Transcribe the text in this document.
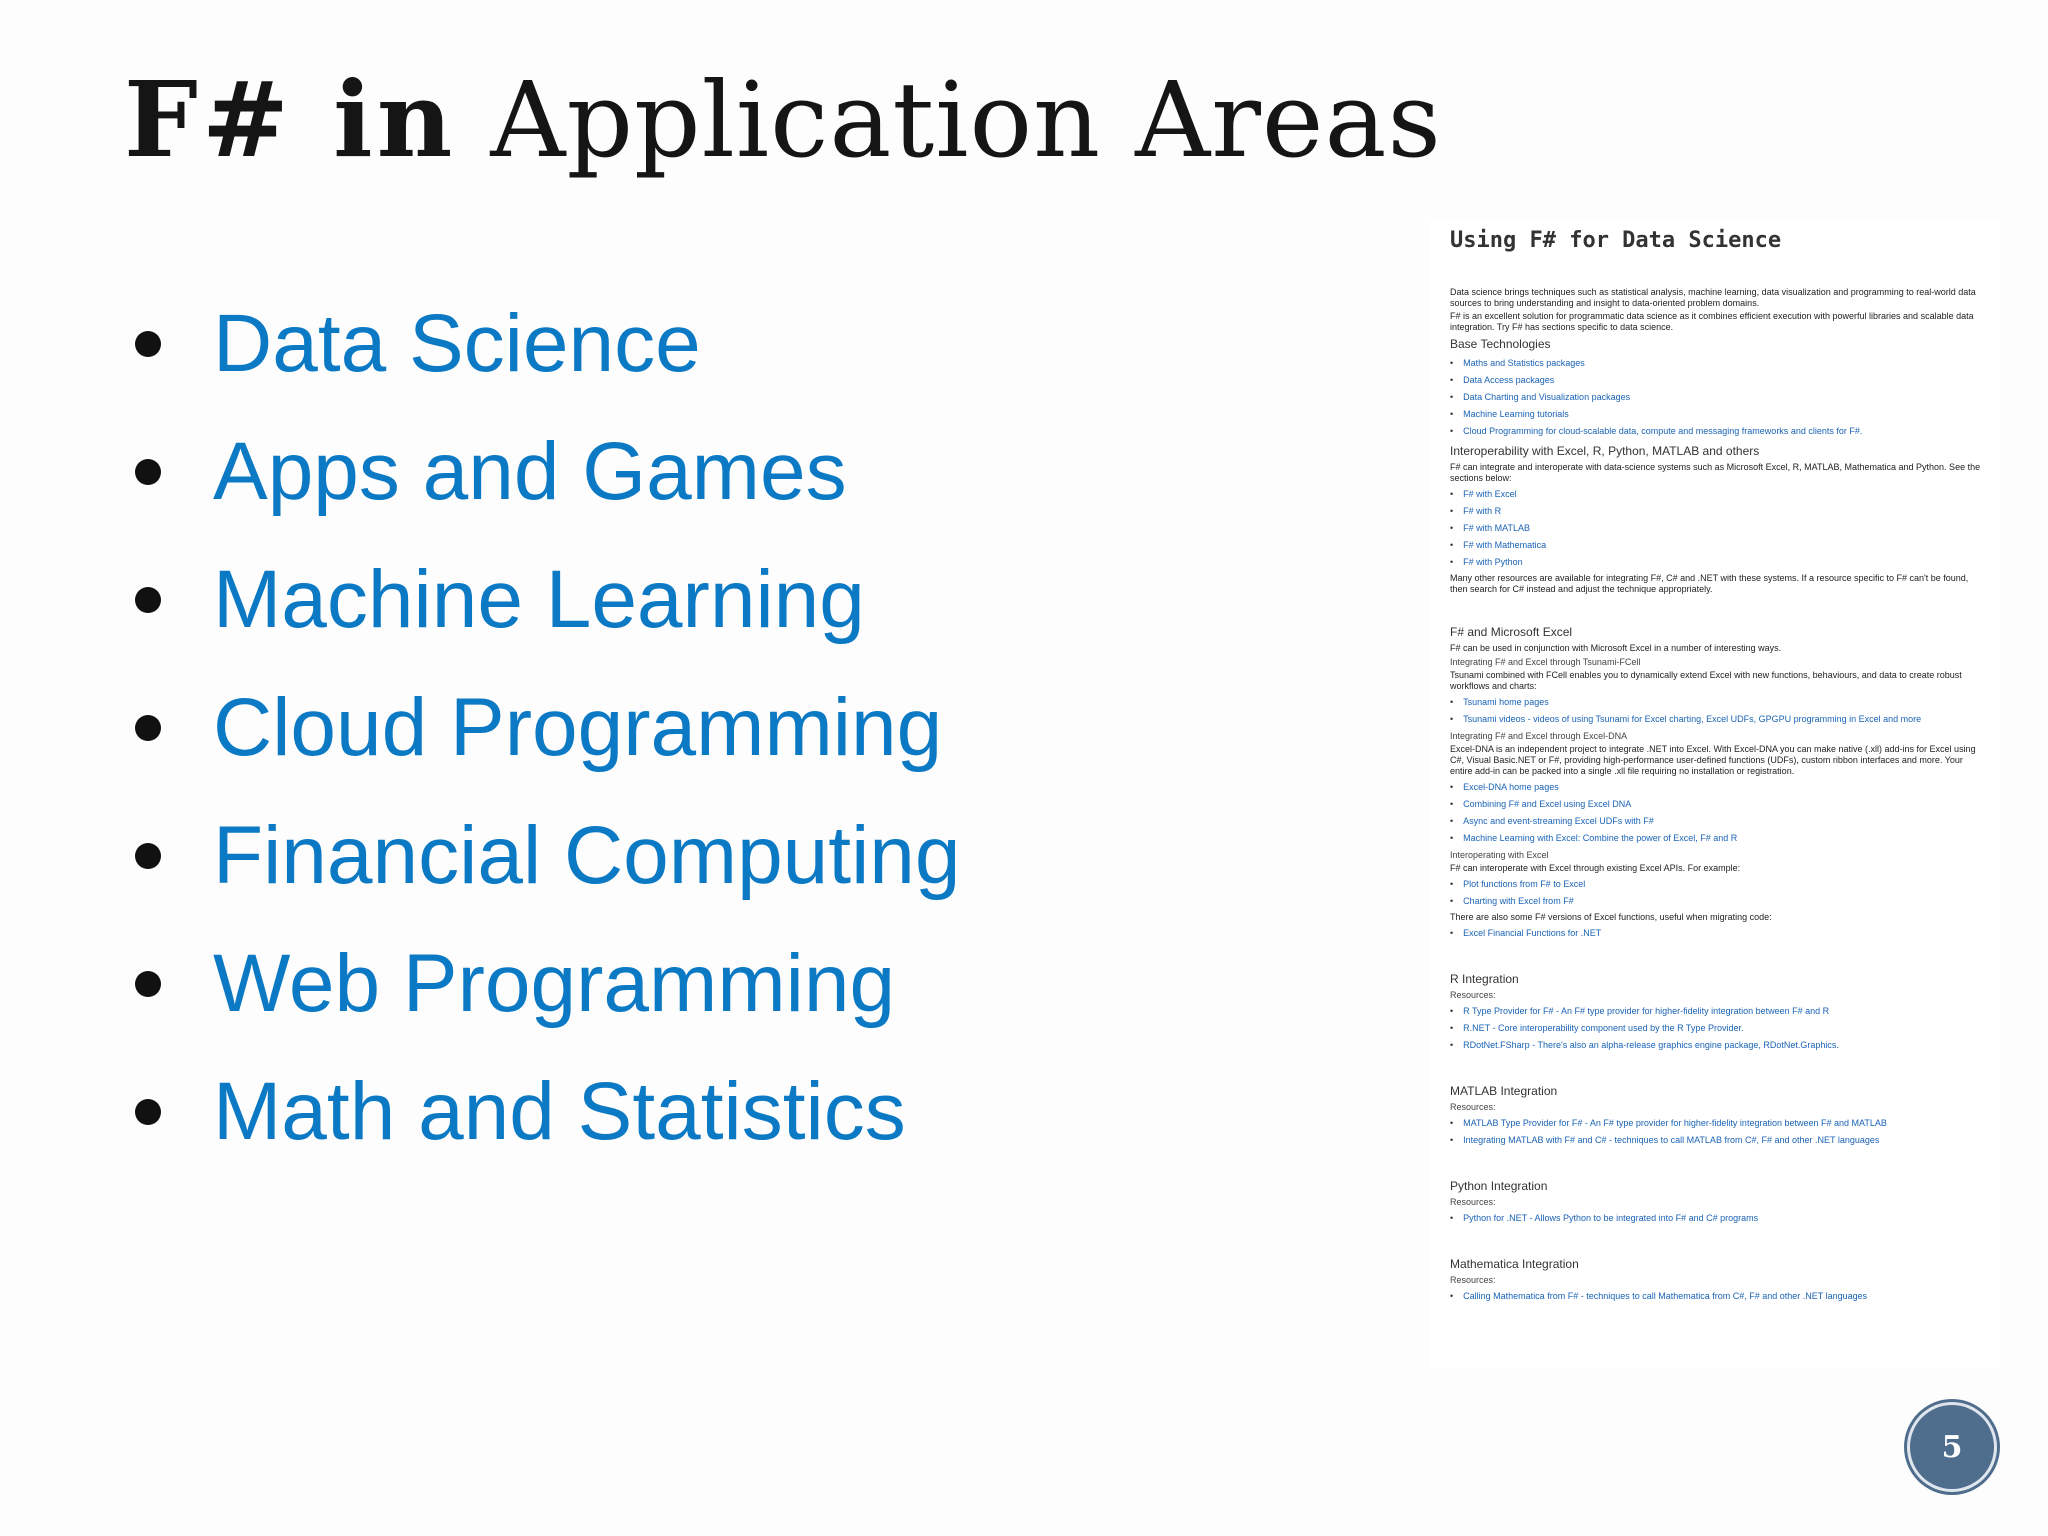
F# in Application Areas
Data Science
Apps and Games
Machine Learning
Cloud Programming
Financial Computing
Web Programming
Math and Statistics
Using F# for Data Science
Data science brings techniques such as statistical analysis, machine learning, data visualization and programming to real-world data sources to bring understanding and insight to data-oriented problem domains.
F# is an excellent solution for programmatic data science as it combines efficient execution with powerful libraries and scalable data integration. Try F# has sections specific to data science.
Base Technologies
• Maths and Statistics packages
• Data Access packages
• Data Charting and Visualization packages
• Machine Learning tutorials
• Cloud Programming for cloud-scalable data, compute and messaging frameworks and clients for F#.
Interoperability with Excel, R, Python, MATLAB and others
F# can integrate and interoperate with data-science systems such as Microsoft Excel, R, MATLAB, Mathematica and Python. See the sections below:
• F# with Excel
• F# with R
• F# with MATLAB
• F# with Mathematica
• F# with Python
Many other resources are available for integrating F#, C# and .NET with these systems. If a resource specific to F# can't be found, then search for C# instead and adjust the technique appropriately.
F# and Microsoft Excel
F# can be used in conjunction with Microsoft Excel in a number of interesting ways.
Integrating F# and Excel through Tsunami-FCell
Tsunami combined with FCell enables you to dynamically extend Excel with new functions, behaviours, and data to create robust workflows and charts:
• Tsunami home pages
• Tsunami videos - videos of using Tsunami for Excel charting, Excel UDFs, GPGPU programming in Excel and more
Integrating F# and Excel through Excel-DNA
Excel-DNA is an independent project to integrate .NET into Excel. With Excel-DNA you can make native (.xll) add-ins for Excel using C#, Visual Basic.NET or F#, providing high-performance user-defined functions (UDFs), custom ribbon interfaces and more. Your entire add-in can be packed into a single .xll file requiring no installation or registration.
• Excel-DNA home pages
• Combining F# and Excel using Excel DNA
• Async and event-streaming Excel UDFs with F#
• Machine Learning with Excel: Combine the power of Excel, F# and R
Interoperating with Excel
F# can interoperate with Excel through existing Excel APIs. For example:
• Plot functions from F# to Excel
• Charting with Excel from F#
There are also some F# versions of Excel functions, useful when migrating code:
• Excel Financial Functions for .NET
R Integration
Resources:
• R Type Provider for F# - An F# type provider for higher-fidelity integration between F# and R
• R.NET - Core interoperability component used by the R Type Provider.
• RDotNet.FSharp - There's also an alpha-release graphics engine package, RDotNet.Graphics.
MATLAB Integration
Resources:
• MATLAB Type Provider for F# - An F# type provider for higher-fidelity integration between F# and MATLAB
• Integrating MATLAB with F# and C# - techniques to call MATLAB from C#, F# and other .NET languages
Python Integration
Resources:
• Python for .NET - Allows Python to be integrated into F# and C# programs
Mathematica Integration
Resources:
• Calling Mathematica from F# - techniques to call Mathematica from C#, F# and other .NET languages
5
